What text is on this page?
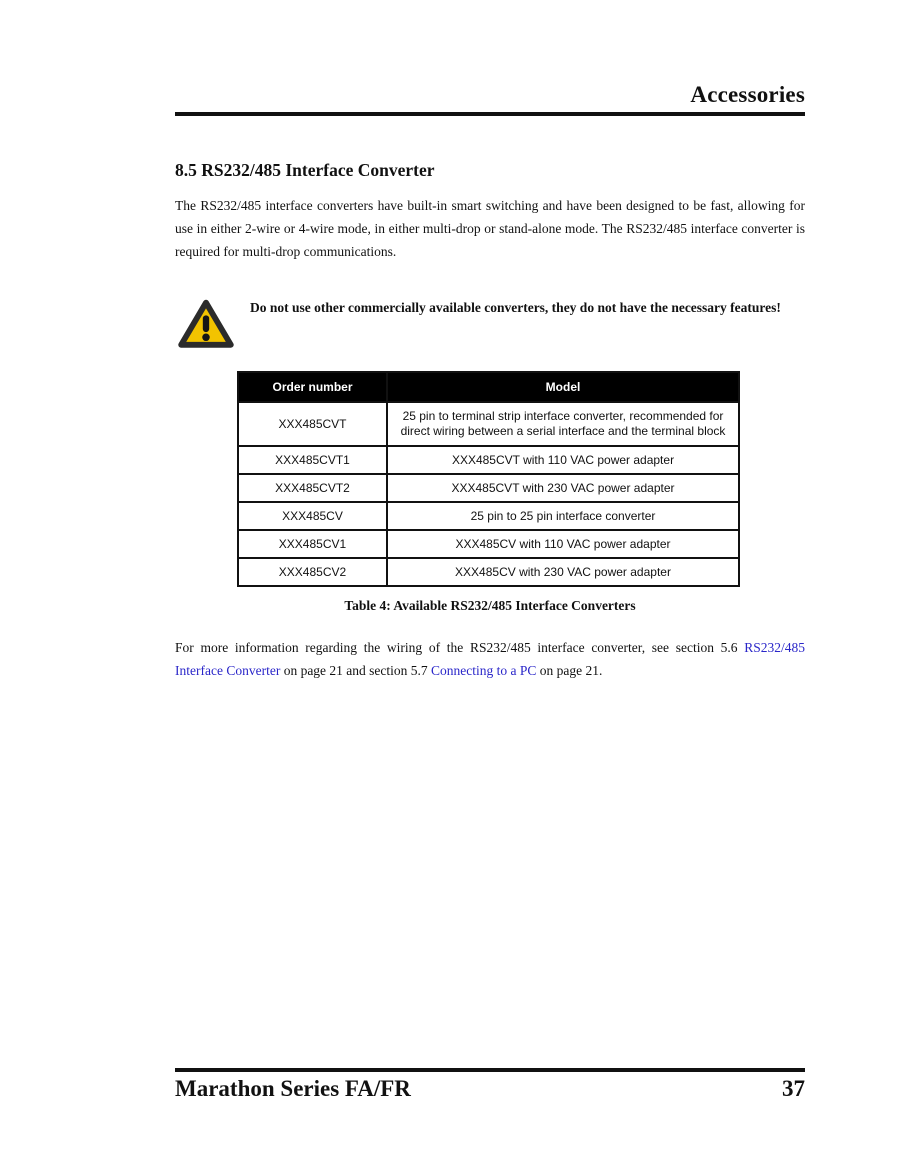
Accessories
8.5 RS232/485 Interface Converter

The RS232/485 interface converters have built-in smart switching and have been designed to be fast, allowing for use in either 2-wire or 4-wire mode, in either multi-drop or stand-alone mode. The RS232/485 interface converter is required for multi-drop communications.

Do not use other commercially available converters, they do not have the necessary features!
Order number	Model
XXX485CVT	25 pin to terminal strip interface converter, recommended for direct wiring between a serial interface and the terminal block
XXX485CVT1	XXX485CVT with 110 VAC power adapter
XXX485CVT2	XXX485CVT with 230 VAC power adapter
XXX485CV	25 pin to 25 pin interface converter
XXX485CV1	XXX485CV with 110 VAC power adapter
XXX485CV2	XXX485CV with 230 VAC power adapter
Table 4: Available RS232/485 Interface Converters

For more information regarding the wiring of the RS232/485 interface converter, see section 5.6 RS232/485 Interface Converter on page 21 and section 5.7 Connecting to a PC on page 21.

Marathon Series FA/FR	37
